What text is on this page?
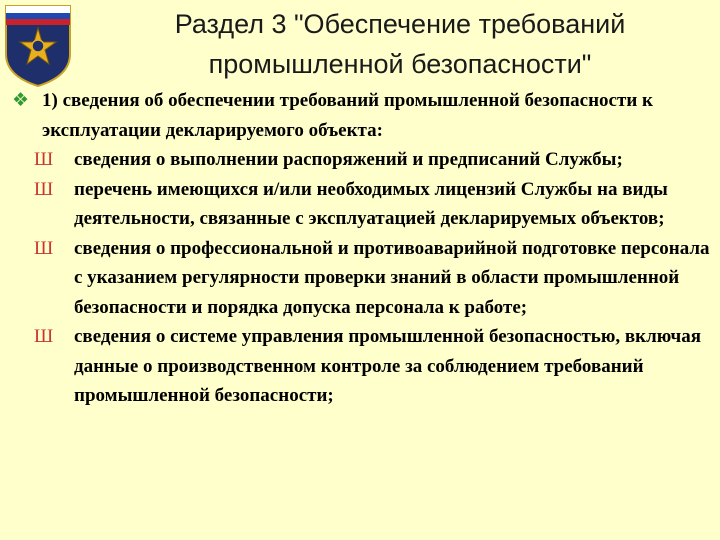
Раздел 3 "Обеспечение требований
промышленной безопасности"
❖ 1) сведения об обеспечении требований промышленной безопасности к эксплуатации декларируемого объекта:
Ш сведения о выполнении распоряжений и предписаний Службы;
Ш перечень имеющихся и/или необходимых лицензий Службы на виды деятельности, связанные с эксплуатацией декларируемых объектов;
Ш сведения о профессиональной и противоаварийной подготовке персонала с указанием регулярности проверки знаний в области промышленной безопасности и порядка допуска персонала к работе;
Ш сведения о системе управления промышленной безопасностью, включая данные о производственном контроле за соблюдением требований промышленной безопасности;
